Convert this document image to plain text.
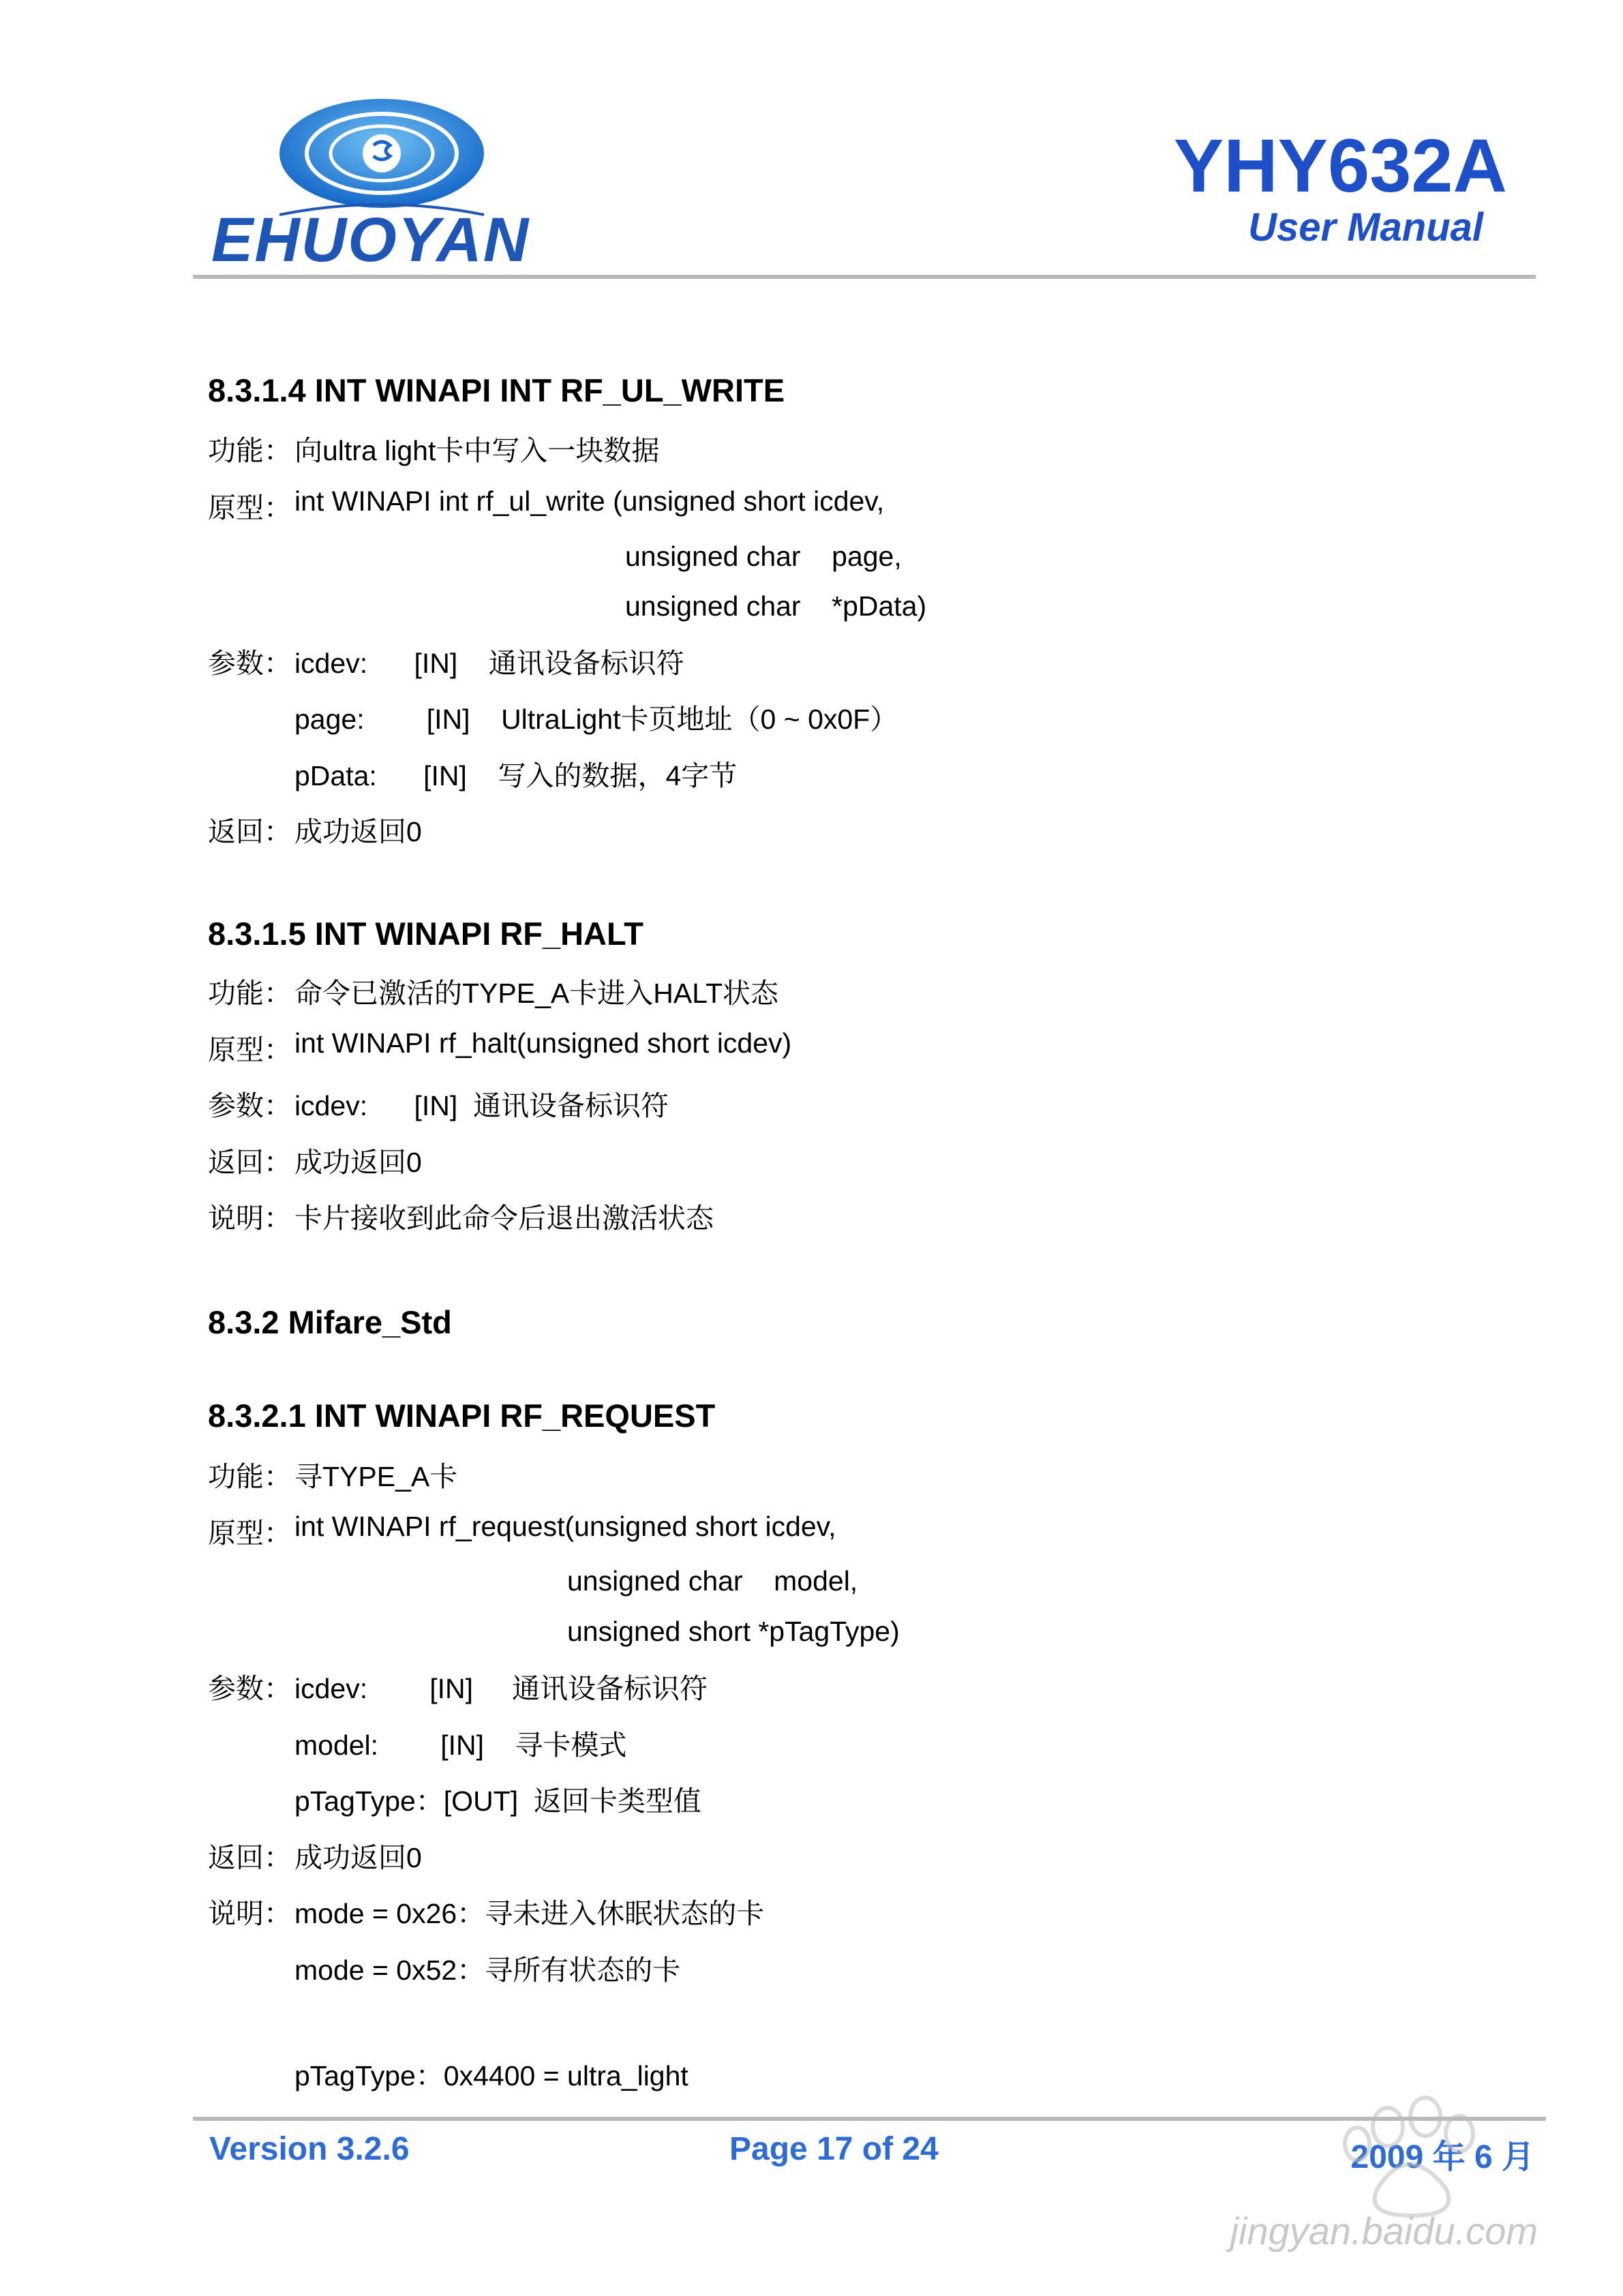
EHUOYAN
YHY632A
User Manual
8.3.1.4 INT WINAPI INT RF_UL_WRITE
功能： 向ultra light卡中写入一块数据
原型： int WINAPI int rf_ul_write (unsigned short icdev,
unsigned char    page,
unsigned char    *pData)
参数： icdev:      [IN]    通讯设备标识符
page:        [IN]    UltraLight卡页地址（0 ~ 0x0F）
pData:      [IN]    写入的数据，4字节
返回： 成功返回0
8.3.1.5 INT WINAPI RF_HALT
功能： 命令已激活的TYPE_A卡进入HALT状态
原型： int WINAPI rf_halt(unsigned short icdev)
参数： icdev:      [IN]  通讯设备标识符
返回： 成功返回0
说明： 卡片接收到此命令后退出激活状态
8.3.2 Mifare_Std
8.3.2.1 INT WINAPI RF_REQUEST
功能： 寻TYPE_A卡
原型： int WINAPI rf_request(unsigned short icdev,
unsigned char    model,
unsigned short *pTagType)
参数： icdev:        [IN]     通讯设备标识符
model:        [IN]    寻卡模式
pTagType：[OUT]  返回卡类型值
返回： 成功返回0
说明： mode = 0x26：寻未进入休眠状态的卡
mode = 0x52：寻所有状态的卡
pTagType：0x4400 = ultra_light
Version 3.2.6	Page 17 of 24	2009 年 6 月
jingyan.baidu.com
